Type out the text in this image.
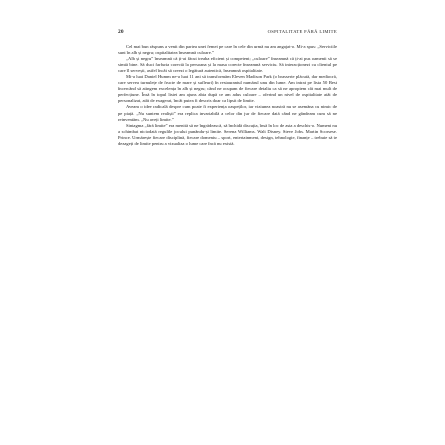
20	OSPITALITATE FĂRĂ LIMITE

Cel mai bun răspuns a venit din partea unei femei pe care în cele din urmă nu am angajat-o. Mi-a spus: „Serviciile sunt în alb și negru; ospitalitatea înseamnă culoare.”

„Alb și negru” înseamnă că ți-ai făcut treaba eficient și competent; „culoare” înseamnă că ți-ai pus oamenii să se simtă bine. Să duci farfuria corectă la persoana și la masa corecte înseamnă serviciu. Să interacționezi cu clientul pe care îl servești, astfel încât să creezi o legătură autentică, înseamnă ospitalitate.

Mi-a luat Daniel Humm ne-a luat 11 ani să transformăm Eleven Madison Park (o brasserie plăcută, dar mediocră, care servea turnulețe de fructe de mare și sufleuri) în restaurantul numărul unu din lume. Am intrat pe lista 50 Best încercând să atingem excelența în alb și negru; când ne ocupam de fiecare detaliu ca să ne apropiem cât mai mult de perfecțiune. Însă în topul listei am ajuns abia după ce am adus culoare – oferind un nivel de ospitalitate atât de personalizat, atât de exagerat, încât putea fi descris doar ca lipsit de limite.

Aveam o idee radicală despre cum poate fi experiența oaspeților, iar viziunea noastră nu se asemăna cu nimic de pe piață. „Nu suntem realiști” era replica invariabilă a celor din jur de fiecare dată când ne gândeam cum să ne reinventăm. „Nu aveți limite.”

Sintagma „fără limite” era menită să ne îngrădească, să închidă discuția, însă în loc de asta a deschis-o. Numeni nu a schimbat niciodată regulile jocului punându-și limite. Serena Williams. Walt Disney. Steve Jobs. Martin Scorsese. Prince. Urmărește fiecare disciplină, fiecare domeniu – sport, entertainment, design, tehnologie, finanțe – trebuie să te dezageți de limite pentru a vizualiza o lume care încă nu există.
